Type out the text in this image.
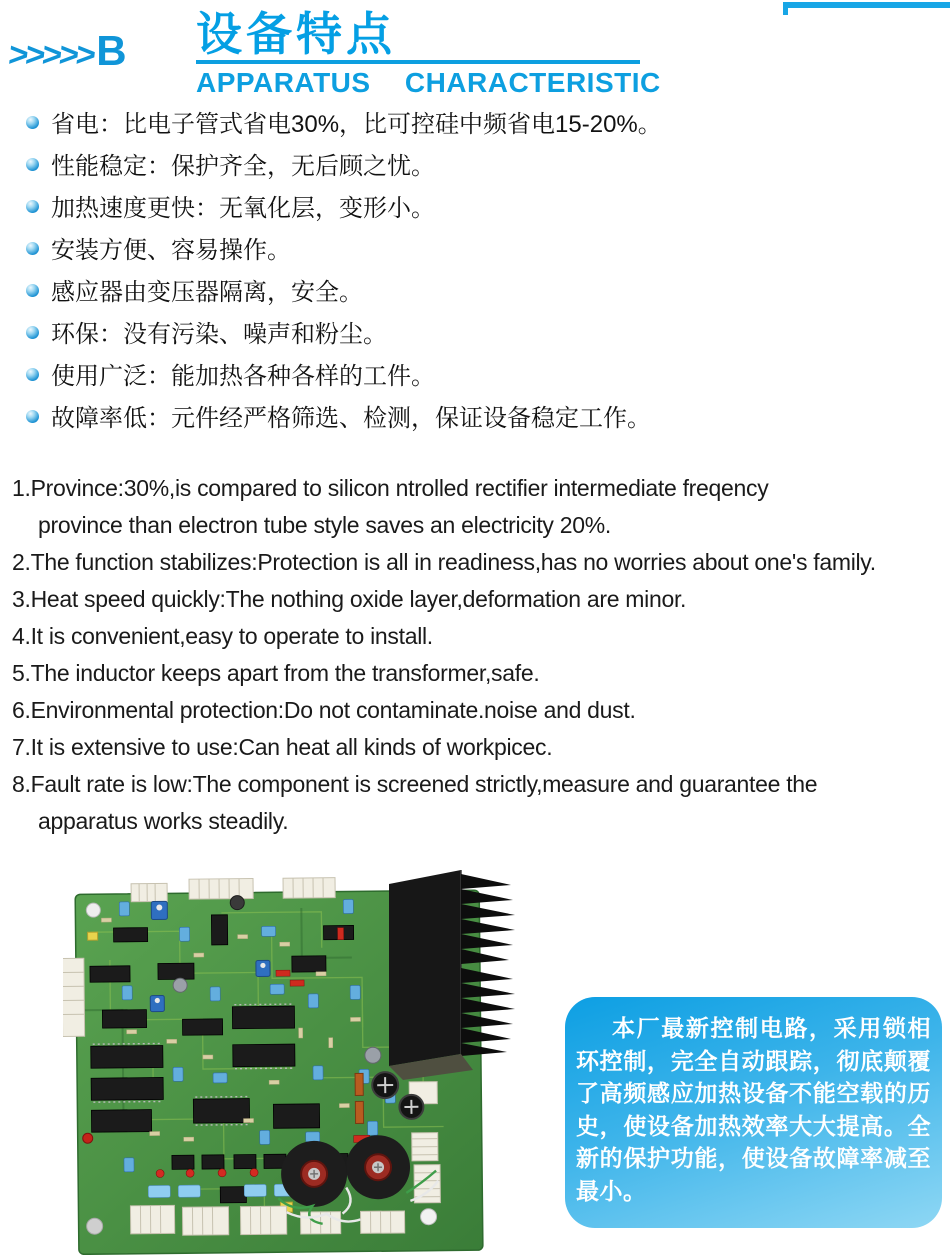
>>>>> B 设备特点
APPARATUS CHARACTERISTIC
省电：比电子管式省电30%，比可控硅中频省电15-20%。
性能稳定：保护齐全，无后顾之忧。
加热速度更快：无氧化层，变形小。
安装方便、容易操作。
感应器由变压器隔离，安全。
环保：没有污染、噪声和粉尘。
使用广泛：能加热各种各样的工件。
故障率低：元件经严格筛选、检测，保证设备稳定工作。
1.Province:30%,is compared to silicon ntrolled rectifier intermediate freqency
province than electron tube style saves an electricity 20%.
2.The function stabilizes:Protection is all in readiness,has no worries about one's family.
3.Heat speed quickly:The nothing oxide layer,deformation are minor.
4.It is convenient,easy to operate to install.
5.The inductor keeps apart from the transformer,safe.
6.Environmental protection:Do not contaminate.noise and dust.
7.It is extensive to use:Can heat all kinds of workpicec.
8.Fault rate is low:The component is screened strictly,measure and guarantee the
apparatus works steadily.

本厂最新控制电路，采用锁相环控制，完全自动跟踪，彻底颠覆了高频感应加热设备不能空载的历史，使设备加热效率大大提高。全新的保护功能，使设备故障率减至最小。
